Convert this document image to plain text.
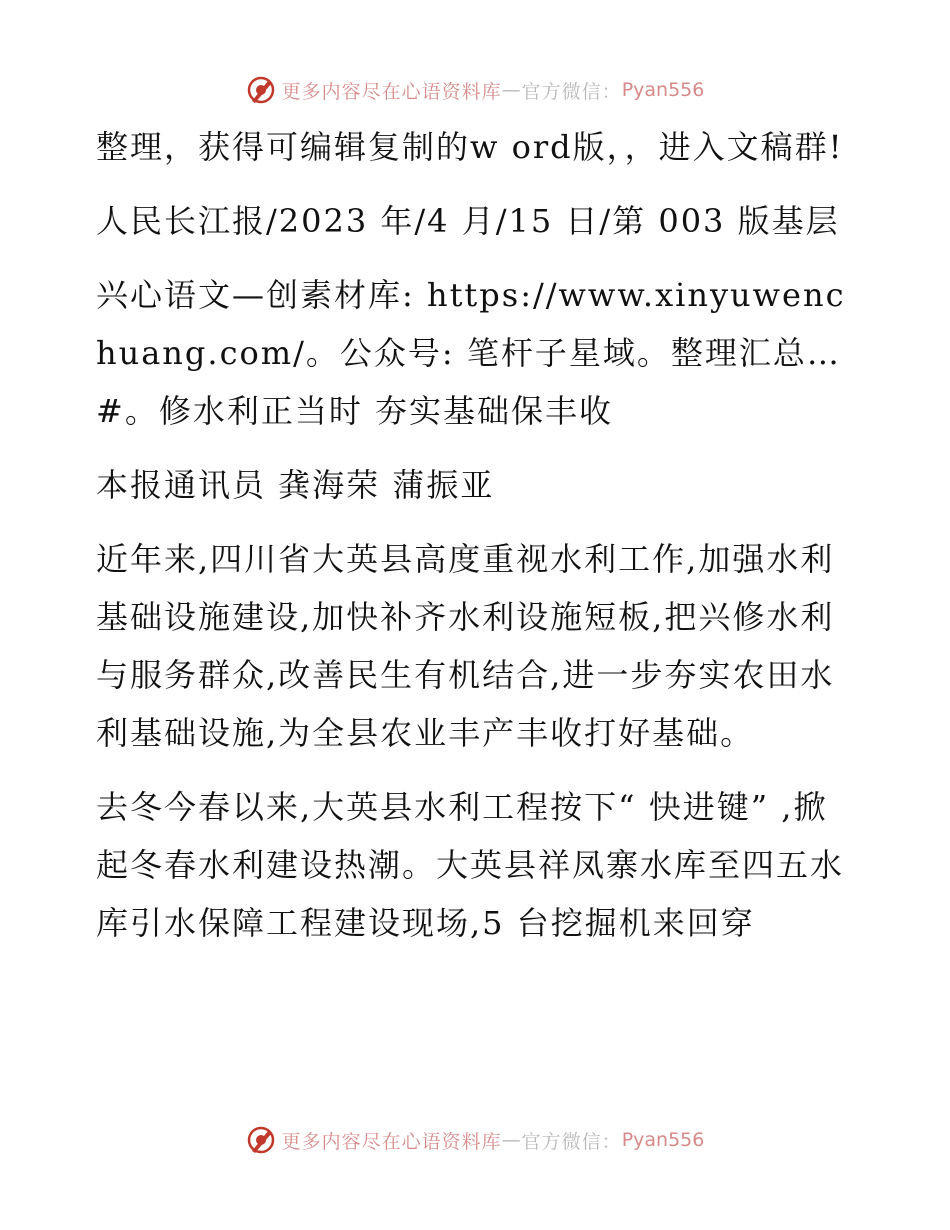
更多内容尽在心语资料库 — 官方微信： Pyan556

整理，获得可编辑复制的w ord版，，进入文稿群!

人民长江报/2023 年/4 月/15 日/第 003 版基层

兴心语文—创素材库: https://www.xinyuwenchuang.com/。公众号: 笔杆子星域。整理汇总…#。修水利正当时 夯实基础保丰收

本报通讯员 龚海荣 蒲振亚

近年来,四川省大英县高度重视水利工作,加强水利基础设施建设,加快补齐水利设施短板,把兴修水利与服务群众,改善民生有机结合,进一步夯实农田水利基础设施,为全县农业丰产丰收打好基础。

去冬今春以来,大英县水利工程按下“ 快进键” ,掀起冬春水利建设热潮。大英县祥凤寨水库至四五水库引水保障工程建设现场,5 台挖掘机来回穿

更多内容尽在心语资料库 — 官方微信： Pyan556
